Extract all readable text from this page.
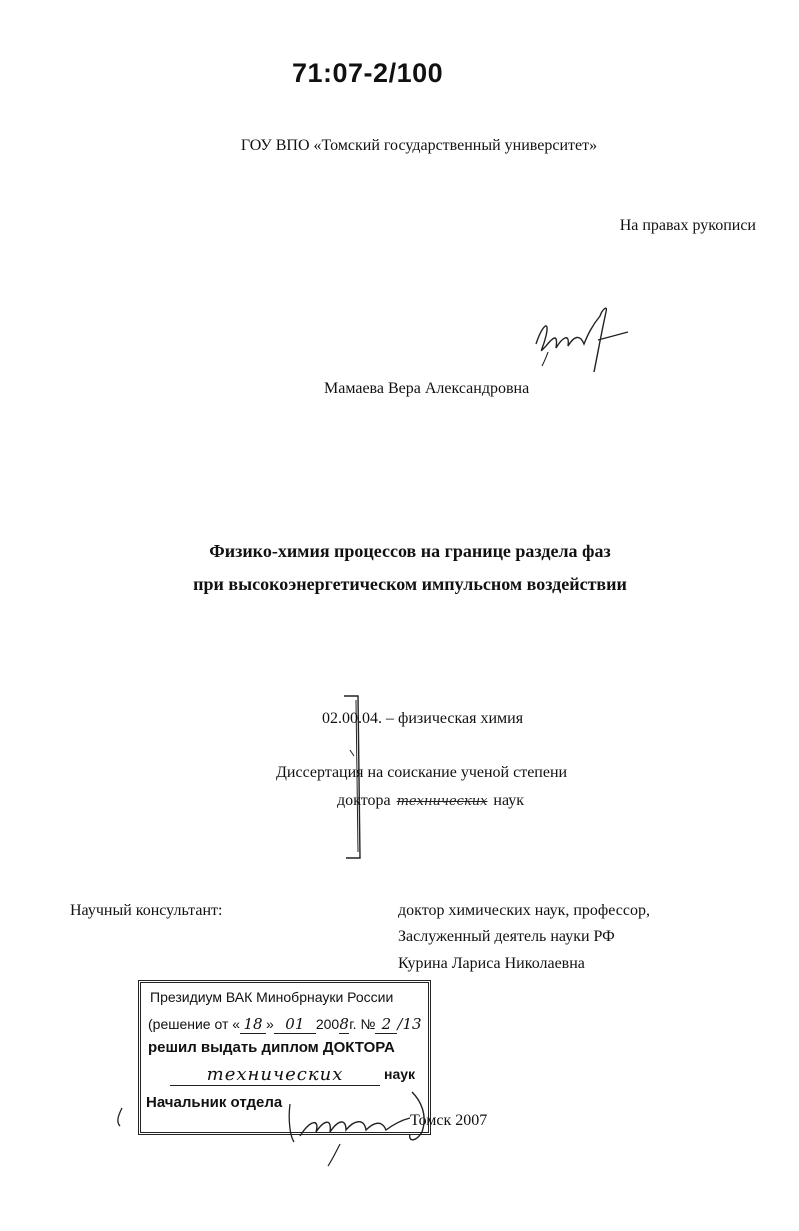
71:07-2/100
ГОУ ВПО «Томский государственный университет»
На правах рукописи
Мамаева Вера Александровна
Физико-химия процессов на границе раздела фаз
при высокоэнергетическом импульсном воздействии
02.00.04. – физическая химия
Диссертация на соискание ученой степени
доктора технических наук
Научный консультант:	доктор химических наук, профессор,
Заслуженный деятель науки РФ
Курина Лариса Николаевна
Президиум ВАК Минобрнауки России
(решение от « 18 » 01 2008г. № 2 /13
решил выдать диплом ДОКТОРА
технических	наук
Начальник отдела
Томск 2007
